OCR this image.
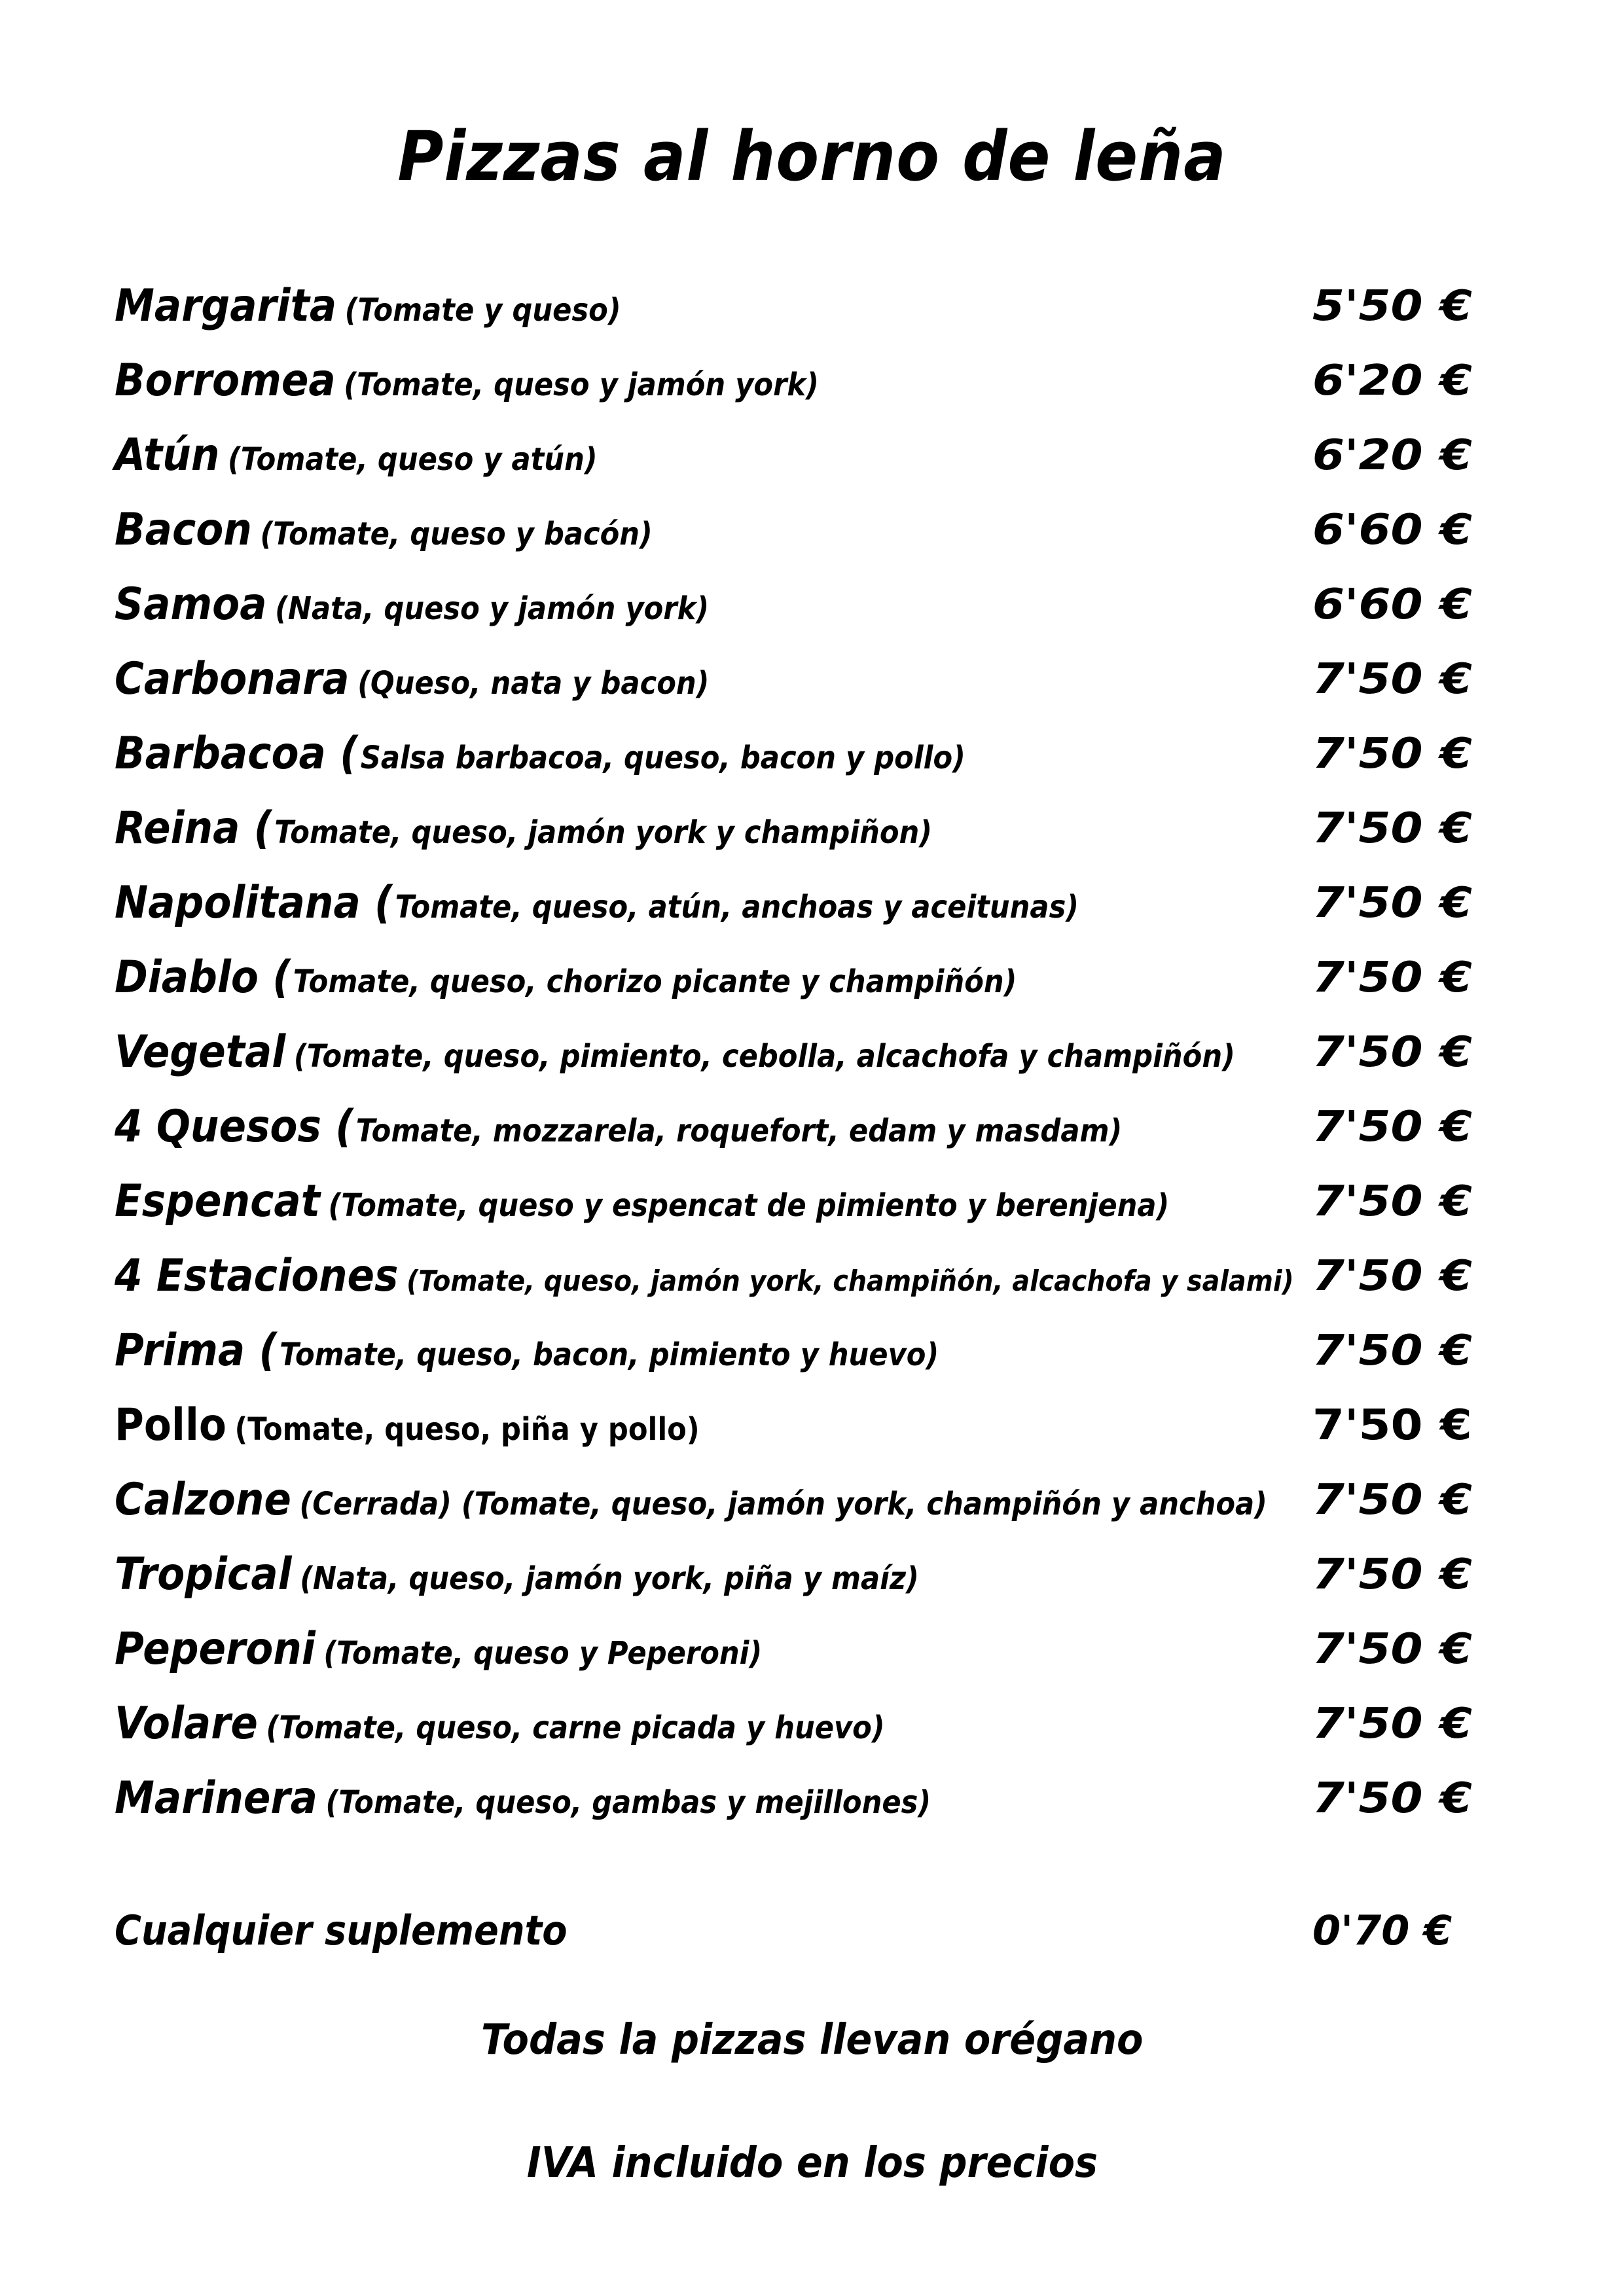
Pizzas al horno de leña
Margarita (Tomate y queso)	5'50 €
Borromea (Tomate, queso y jamón york)	6'20 €
Atún (Tomate, queso y atún)	6'20 €
Bacon (Tomate, queso y bacón)	6'60 €
Samoa (Nata, queso y jamón york)	6'60 €
Carbonara (Queso, nata y bacon)	7'50 €
Barbacoa (Salsa barbacoa, queso, bacon y pollo)	7'50 €
Reina (Tomate, queso, jamón york y champiñon)	7'50 €
Napolitana (Tomate, queso, atún, anchoas y aceitunas)	7'50 €
Diablo (Tomate, queso, chorizo picante y champiñón)	7'50 €
Vegetal (Tomate, queso, pimiento, cebolla, alcachofa y champiñón)	7'50 €
4 Quesos (Tomate, mozzarela, roquefort, edam y masdam)	7'50 €
Espencat (Tomate, queso y espencat de pimiento y berenjena)	7'50 €
4 Estaciones (Tomate, queso, jamón york, champiñón, alcachofa y salami) 7'50 €
Prima (Tomate, queso, bacon, pimiento y huevo)	7'50 €
Pollo (Tomate, queso, piña y pollo)	7'50 €
Calzone (Cerrada) (Tomate, queso, jamón york, champiñón y anchoa)	7'50 €
Tropical (Nata, queso, jamón york, piña y maíz)	7'50 €
Peperoni (Tomate, queso y Peperoni)	7'50 €
Volare (Tomate, queso, carne picada y huevo)	7'50 €
Marinera (Tomate, queso, gambas y mejillones)	7'50 €
Cualquier suplemento	0'70 €
Todas la pizzas llevan orégano
IVA incluido en los precios
